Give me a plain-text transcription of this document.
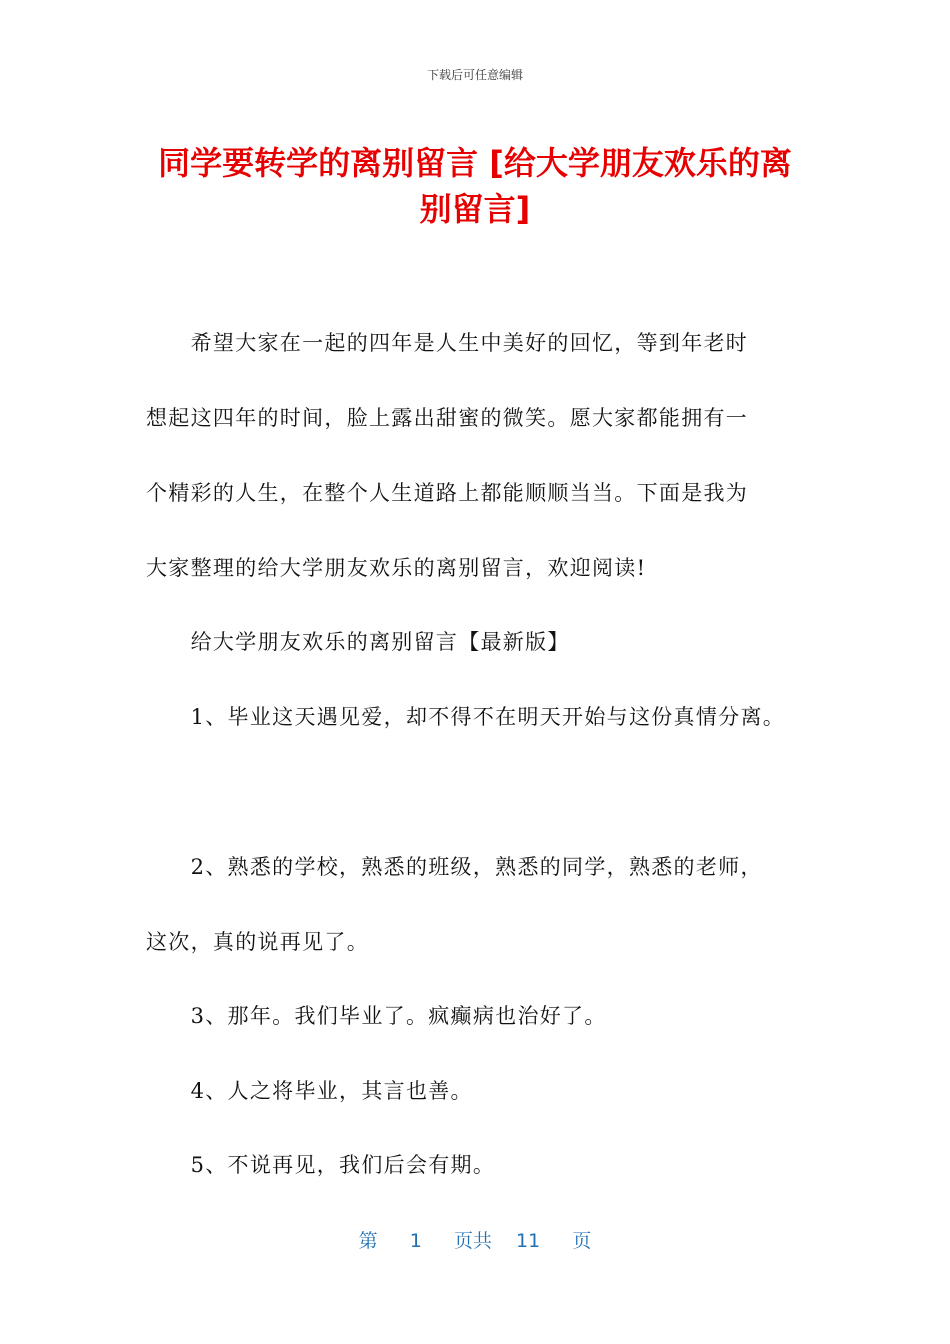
下载后可任意编辑
同学要转学的离别留言 [给大学朋友欢乐的离
别留言]

　　希望大家在一起的四年是人生中美好的回忆，等到年老时

想起这四年的时间，脸上露出甜蜜的微笑。愿大家都能拥有一

个精彩的人生，在整个人生道路上都能顺顺当当。下面是我为

大家整理的给大学朋友欢乐的离别留言，欢迎阅读!

　　给大学朋友欢乐的离别留言【最新版】

　　1、毕业这天遇见爱，却不得不在明天开始与这份真情分离。

　　2、熟悉的学校，熟悉的班级，熟悉的同学，熟悉的老师，

这次，真的说再见了。

　　3、那年。我们毕业了。疯癫病也治好了。

　　4、人之将毕业，其言也善。

　　5、不说再见，我们后会有期。

第 1 页共 11 页
